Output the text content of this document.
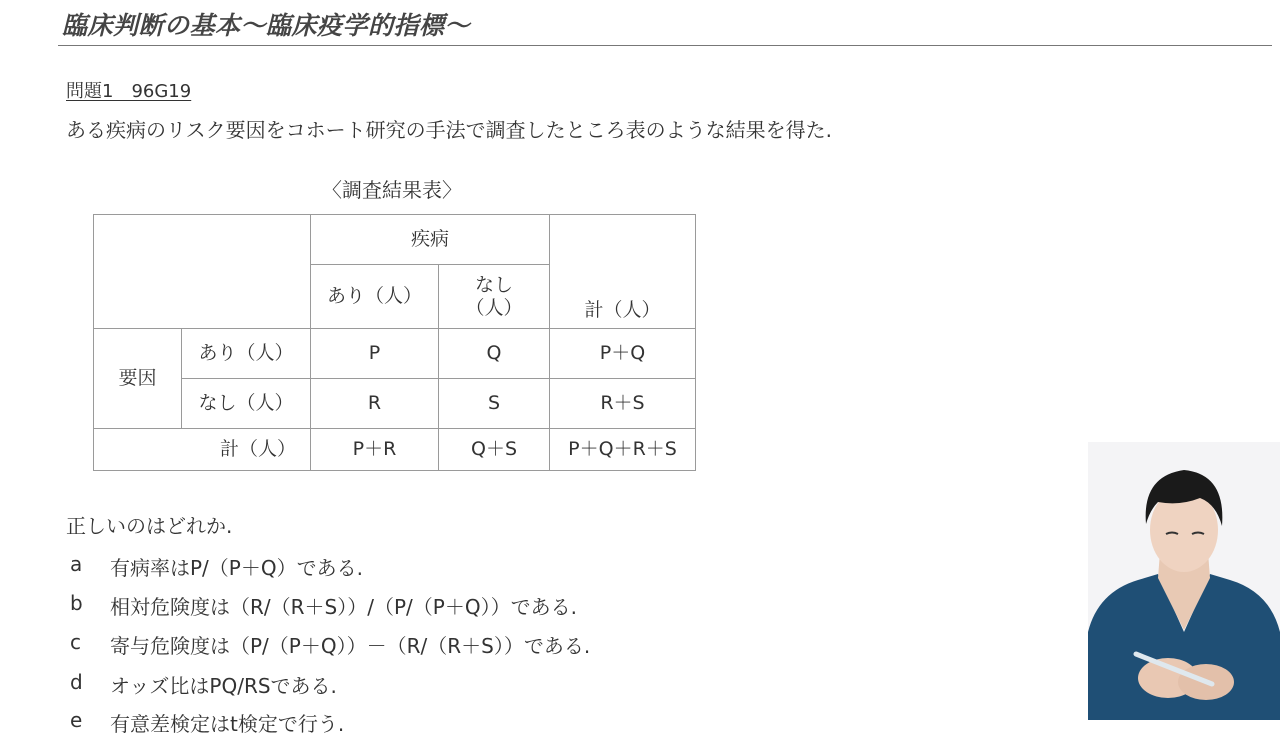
臨床判断の基本〜臨床疫学的指標〜
問題1　96G19
ある疾病のリスク要因をコホート研究の手法で調査したところ表のような結果を得た.
〈調査結果表〉
		疾病		計（人）
		あり（人）	なし
（人）	

要因	あり（人）	P	Q	P＋Q
	なし（人）	R	S	R＋S
計（人）		P＋R	Q＋S	P＋Q＋R＋S
正しいのはどれか.
a	有病率はP/（P＋Q）である.
b	相対危険度は（R/（R＋S））/（P/（P＋Q））である.
c	寄与危険度は（P/（P＋Q））－（R/（R＋S））である.
d	オッズ比はPQ/RSである.
e	有意差検定はt検定で行う.
